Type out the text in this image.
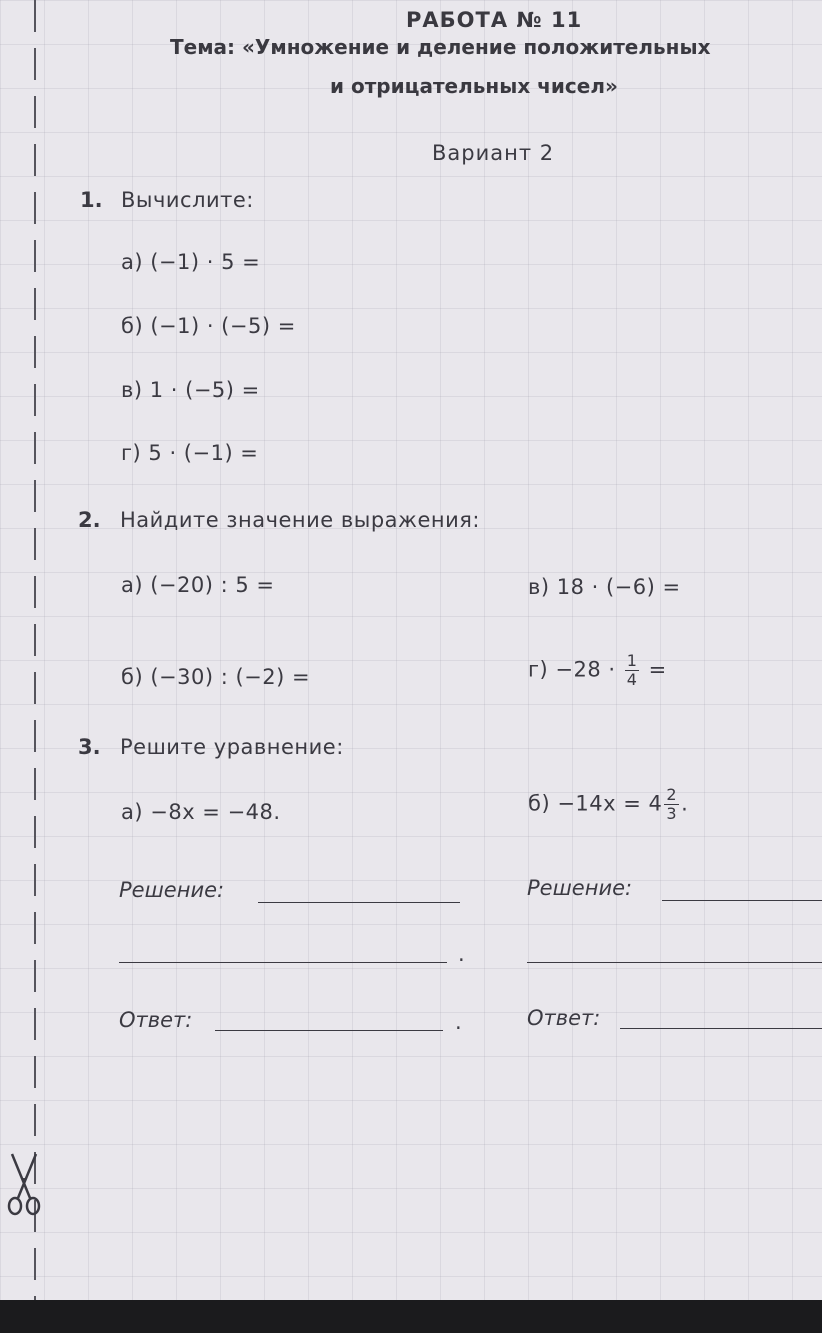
РАБОТА № 11
Тема: «Умножение и деление положительных
и отрицательных чисел»
Вариант 2
1. Вычислите:
а) (−1) · 5 =
б) (−1) · (−5) =
в) 1 · (−5) =
г) 5 · (−1) =
2. Найдите значение выражения:
а) (−20) : 5 =	в) 18 · (−6) =
б) (−30) : (−2) =	$г) -28 \cdot \frac{1}{4}$ =
3. Решите уравнение:
а) −8x = −48.	$б) -14x = 4 \frac{2}{3}$ .
Решение:
.
Ответ:	.
Решение:
Ответ:
